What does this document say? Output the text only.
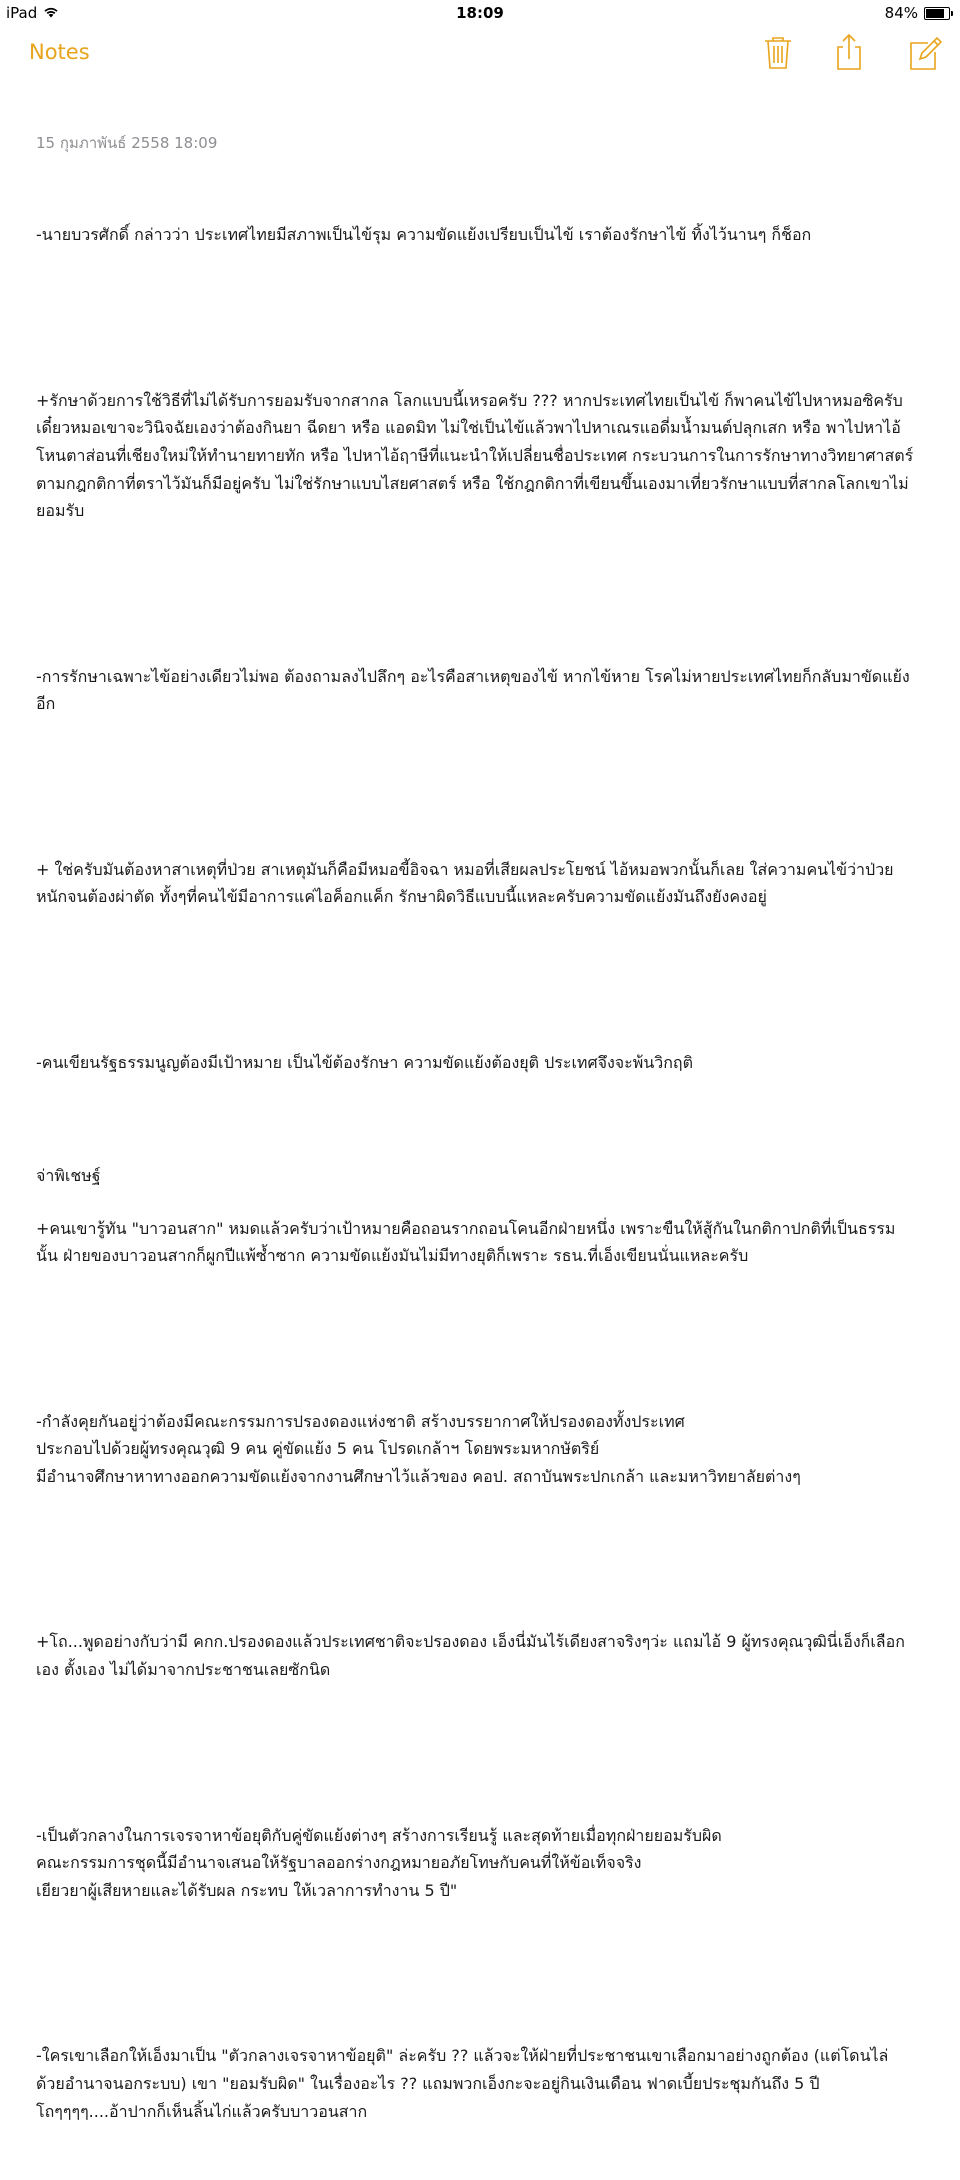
iPad	18:09	84%
Notes
15 กุมภาพันธ์ 2558 18:09

-นายบวรศักดิ์ กล่าวว่า ประเทศไทยมีสภาพเป็นไข้รุม ความขัดแย้งเปรียบเป็นไข้ เราต้องรักษาไข้ ทิ้งไว้นานๆ ก็ช็อก

+รักษาด้วยการใช้วิธีที่ไม่ได้รับการยอมรับจากสากล โลกแบบนี้เหรอครับ ??? หากประเทศไทยเป็นไข้ ก็พาคนไข้ไปหาหมอซิครับ เดี๋ยวหมอเขาจะวินิจฉัยเองว่าต้องกินยา ฉีดยา หรือ แอดมิท ไม่ใช่เป็นไข้แล้วพาไปหาเณรแอดี่มน้ำมนต์ปลุกเสก หรือ พาไปหาไอ้โหนตาส่อนที่เชียงใหม่ให้ทำนายทายทัก หรือ ไปหาไอ้ฤาษีที่แนะนำให้เปลี่ยนชื่อประเทศ กระบวนการในการรักษาทางวิทยาศาสตร์ ตามกฎกติกาที่ตราไว้มันก็มีอยู่ครับ ไม่ใช่รักษาแบบไสยศาสตร์ หรือ ใช้กฎกติกาที่เขียนขึ้นเองมาเที่ยวรักษาแบบที่สากลโลกเขาไม่ยอมรับ

-การรักษาเฉพาะไข้อย่างเดียวไม่พอ ต้องถามลงไปลึกๆ อะไรคือสาเหตุของไข้ หากไข้หาย โรคไม่หายประเทศไทยก็กลับมาขัดแย้งอีก

+ ใช่ครับมันต้องหาสาเหตุที่ป่วย สาเหตุมันก็คือมีหมอขี้อิจฉา หมอที่เสียผลประโยชน์ ไอ้หมอพวกนั้นก็เลย ใส่ความคนไข้ว่าป่วยหนักจนต้องผ่าตัด ทั้งๆที่คนไข้มีอาการแค่ไอค็อกแค็ก รักษาผิดวิธีแบบนี้แหละครับความขัดแย้งมันถึงยังคงอยู่

-คนเขียนรัฐธรรมนูญต้องมีเป้าหมาย เป็นไข้ต้องรักษา ความขัดแย้งต้องยุติ ประเทศจึงจะพ้นวิกฤติ

+คนเขารู้ทัน "บาวอนสาก" หมดแล้วครับว่าเป้าหมายคือถอนรากถอนโคนอีกฝ่ายหนึ่ง เพราะขืนให้สู้กันในกติกาปกติที่เป็นธรรมนั้น ฝ่ายของบาวอนสากก็ผูกปีแพ้ซ้ำซาก ความขัดแย้งมันไม่มีทางยุติก็เพราะ รธน.ที่เอ็งเขียนนั่นแหละครับ

-กำลังคุยกันอยู่ว่าต้องมีคณะกรรมการปรองดองแห่งชาติ สร้างบรรยากาศให้ปรองดองทั้งประเทศ
ประกอบไปด้วยผู้ทรงคุณวุฒิ 9 คน คู่ขัดแย้ง 5 คน โปรดเกล้าฯ โดยพระมหากษัตริย์
มีอำนาจศึกษาหาทางออกความขัดแย้งจากงานศึกษาไว้แล้วของ คอป. สถาบันพระปกเกล้า และมหาวิทยาลัยต่างๆ

+โถ...พูดอย่างกับว่ามี คกก.ปรองดองแล้วประเทศชาติจะปรองดอง เอ็งนี่มันไร้เดียงสาจริงๆว่ะ แถมไอ้ 9 ผู้ทรงคุณวุฒินี่เอ็งก็เลือกเอง ตั้งเอง ไม่ได้มาจากประชาชนเลยซักนิด

-เป็นตัวกลางในการเจรจาหาข้อยุติกับคู่ขัดแย้งต่างๆ สร้างการเรียนรู้ และสุดท้ายเมื่อทุกฝ่ายยอมรับผิด
คณะกรรมการชุดนี้มีอำนาจเสนอให้รัฐบาลออกร่างกฎหมายอภัยโทษกับคนที่ให้ข้อเท็จจริง
เยียวยาผู้เสียหายและได้รับผล กระทบ ให้เวลาการทำงาน 5 ปี"

-ใครเขาเลือกให้เอ็งมาเป็น "ตัวกลางเจรจาหาข้อยุติ" ล่ะครับ ?? แล้วจะให้ฝ่ายที่ประชาชนเขาเลือกมาอย่างถูกต้อง (แต่โดนไล่ด้วยอำนาจนอกระบบ) เขา "ยอมรับผิด" ในเรื่องอะไร ?? แถมพวกเอ็งกะจะอยู่กินเงินเดือน ฟาดเบี้ยประชุมกันถึง 5 ปี โถๆๆๆๆ....อ้าปากก็เห็นลิ้นไก่แล้วครับบาวอนสาก

จ่าพิเชษฐ์
